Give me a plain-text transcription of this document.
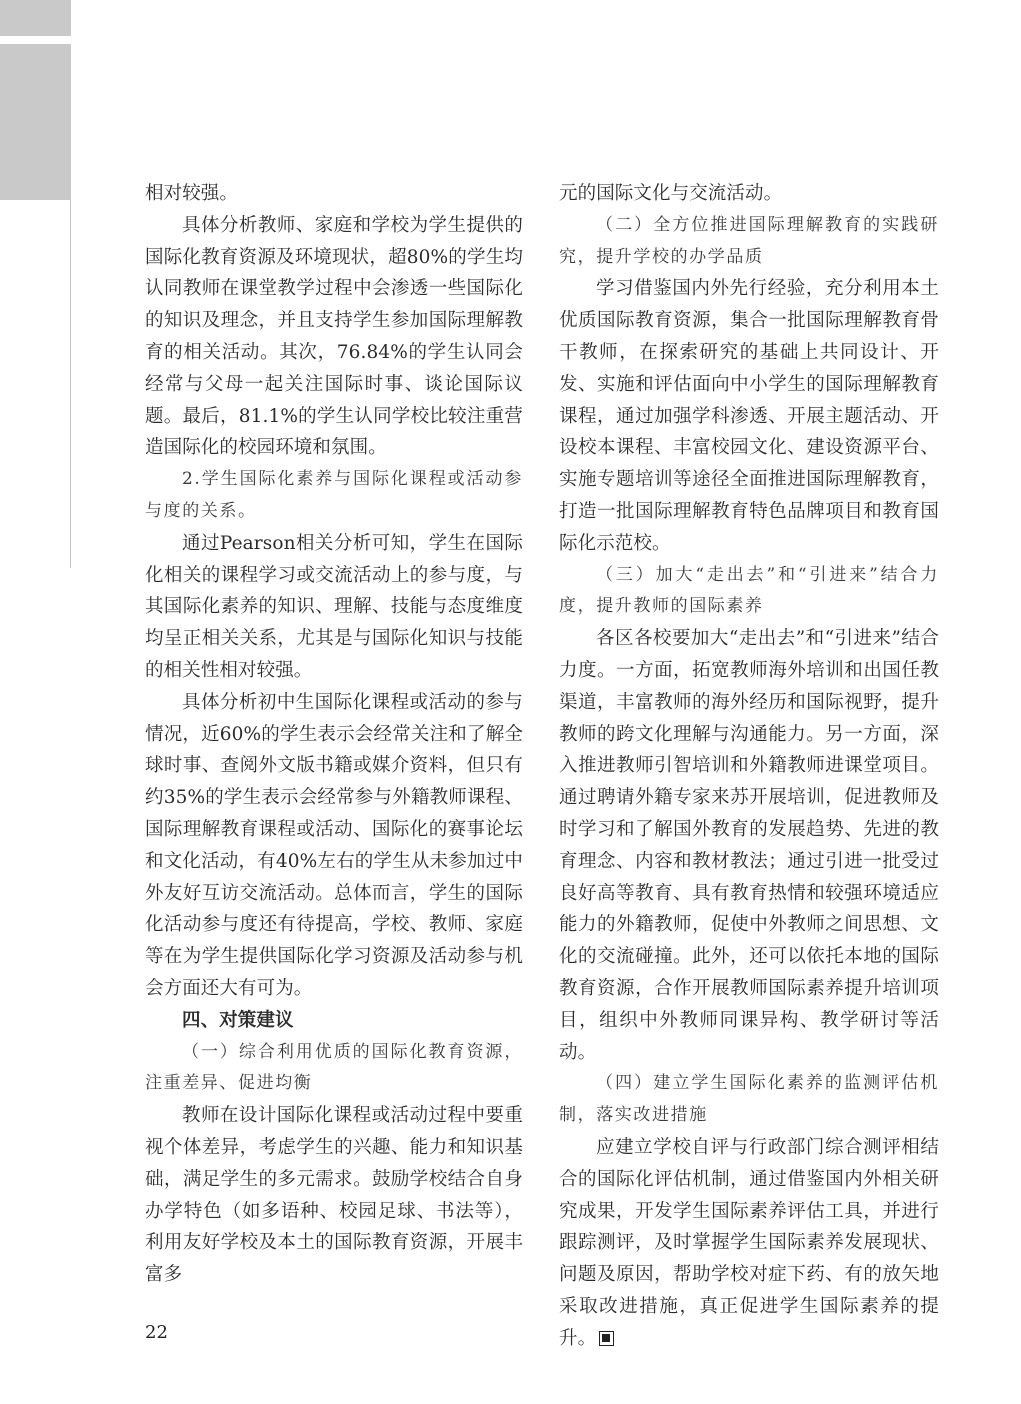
相对较强。

具体分析教师、家庭和学校为学生提供的国际化教育资源及环境现状，超80%的学生均认同教师在课堂教学过程中会渗透一些国际化的知识及理念，并且支持学生参加国际理解教育的相关活动。其次，76.84%的学生认同会经常与父母一起关注国际时事、谈论国际议题。最后，81.1%的学生认同学校比较注重营造国际化的校园环境和氛围。

2.学生国际化素养与国际化课程或活动参与度的关系。

通过Pearson相关分析可知，学生在国际化相关的课程学习或交流活动上的参与度，与其国际化素养的知识、理解、技能与态度维度均呈正相关关系，尤其是与国际化知识与技能的相关性相对较强。

具体分析初中生国际化课程或活动的参与情况，近60%的学生表示会经常关注和了解全球时事、查阅外文版书籍或媒介资料，但只有约35%的学生表示会经常参与外籍教师课程、国际理解教育课程或活动、国际化的赛事论坛和文化活动，有40%左右的学生从未参加过中外友好互访交流活动。总体而言，学生的国际化活动参与度还有待提高，学校、教师、家庭等在为学生提供国际化学习资源及活动参与机会方面还大有可为。

四、对策建议

（一）综合利用优质的国际化教育资源，注重差异、促进均衡

教师在设计国际化课程或活动过程中要重视个体差异，考虑学生的兴趣、能力和知识基础，满足学生的多元需求。鼓励学校结合自身办学特色（如多语种、校园足球、书法等），利用友好学校及本土的国际教育资源，开展丰富多

元的国际文化与交流活动。

（二）全方位推进国际理解教育的实践研究，提升学校的办学品质

学习借鉴国内外先行经验，充分利用本土优质国际教育资源，集合一批国际理解教育骨干教师，在探索研究的基础上共同设计、开发、实施和评估面向中小学生的国际理解教育课程，通过加强学科渗透、开展主题活动、开设校本课程、丰富校园文化、建设资源平台、实施专题培训等途径全面推进国际理解教育，打造一批国际理解教育特色品牌项目和教育国际化示范校。

（三）加大“走出去”和“引进来”结合力度，提升教师的国际素养

各区各校要加大“走出去”和“引进来”结合力度。一方面，拓宽教师海外培训和出国任教渠道，丰富教师的海外经历和国际视野，提升教师的跨文化理解与沟通能力。另一方面，深入推进教师引智培训和外籍教师进课堂项目。通过聘请外籍专家来苏开展培训，促进教师及时学习和了解国外教育的发展趋势、先进的教育理念、内容和教材教法；通过引进一批受过良好高等教育、具有教育热情和较强环境适应能力的外籍教师，促使中外教师之间思想、文化的交流碰撞。此外，还可以依托本地的国际教育资源，合作开展教师国际素养提升培训项目，组织中外教师同课异构、教学研讨等活动。

（四）建立学生国际化素养的监测评估机制，落实改进措施

应建立学校自评与行政部门综合测评相结合的国际化评估机制，通过借鉴国内外相关研究成果，开发学生国际素养评估工具，并进行跟踪测评，及时掌握学生国际素养发展现状、问题及原因，帮助学校对症下药、有的放矢地采取改进措施，真正促进学生国际素养的提升。

22
